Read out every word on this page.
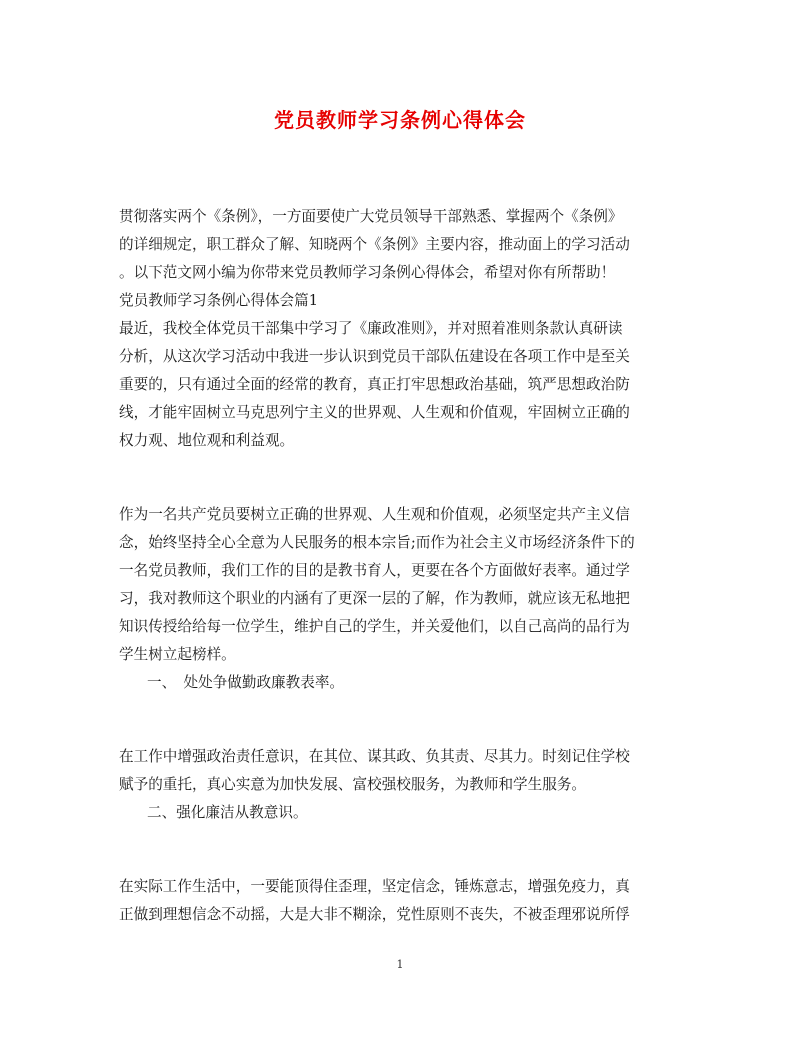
党员教师学习条例心得体会
贯彻落实两个《条例》，一方面要使广大党员领导干部熟悉、掌握两个《条例》
的详细规定，职工群众了解、知晓两个《条例》主要内容，推动面上的学习活动
。以下范文网小编为你带来党员教师学习条例心得体会，希望对你有所帮助！
党员教师学习条例心得体会篇1
最近，我校全体党员干部集中学习了《廉政准则》，并对照着准则条款认真研读
分析，从这次学习活动中我进一步认识到党员干部队伍建设在各项工作中是至关
重要的，只有通过全面的经常的教育，真正打牢思想政治基础，筑严思想政治防
线，才能牢固树立马克思列宁主义的世界观、人生观和价值观，牢固树立正确的
权力观、地位观和利益观。
作为一名共产党员要树立正确的世界观、人生观和价值观，必须坚定共产主义信
念，始终坚持全心全意为人民服务的根本宗旨;而作为社会主义市场经济条件下的
一名党员教师，我们工作的目的是教书育人，更要在各个方面做好表率。通过学
习，我对教师这个职业的内涵有了更深一层的了解，作为教师，就应该无私地把
知识传授给给每一位学生，维护自己的学生，并关爱他们，以自己高尚的品行为
学生树立起榜样。
一、　处处争做勤政廉教表率。
在工作中增强政治责任意识，在其位、谋其政、负其责、尽其力。时刻记住学校
赋予的重托，真心实意为加快发展、富校强校服务，为教师和学生服务。
二、强化廉洁从教意识。
在实际工作生活中，一要能顶得住歪理，坚定信念，锤炼意志，增强免疫力，真
正做到理想信念不动摇，大是大非不糊涂，党性原则不丧失，不被歪理邪说所俘
1
